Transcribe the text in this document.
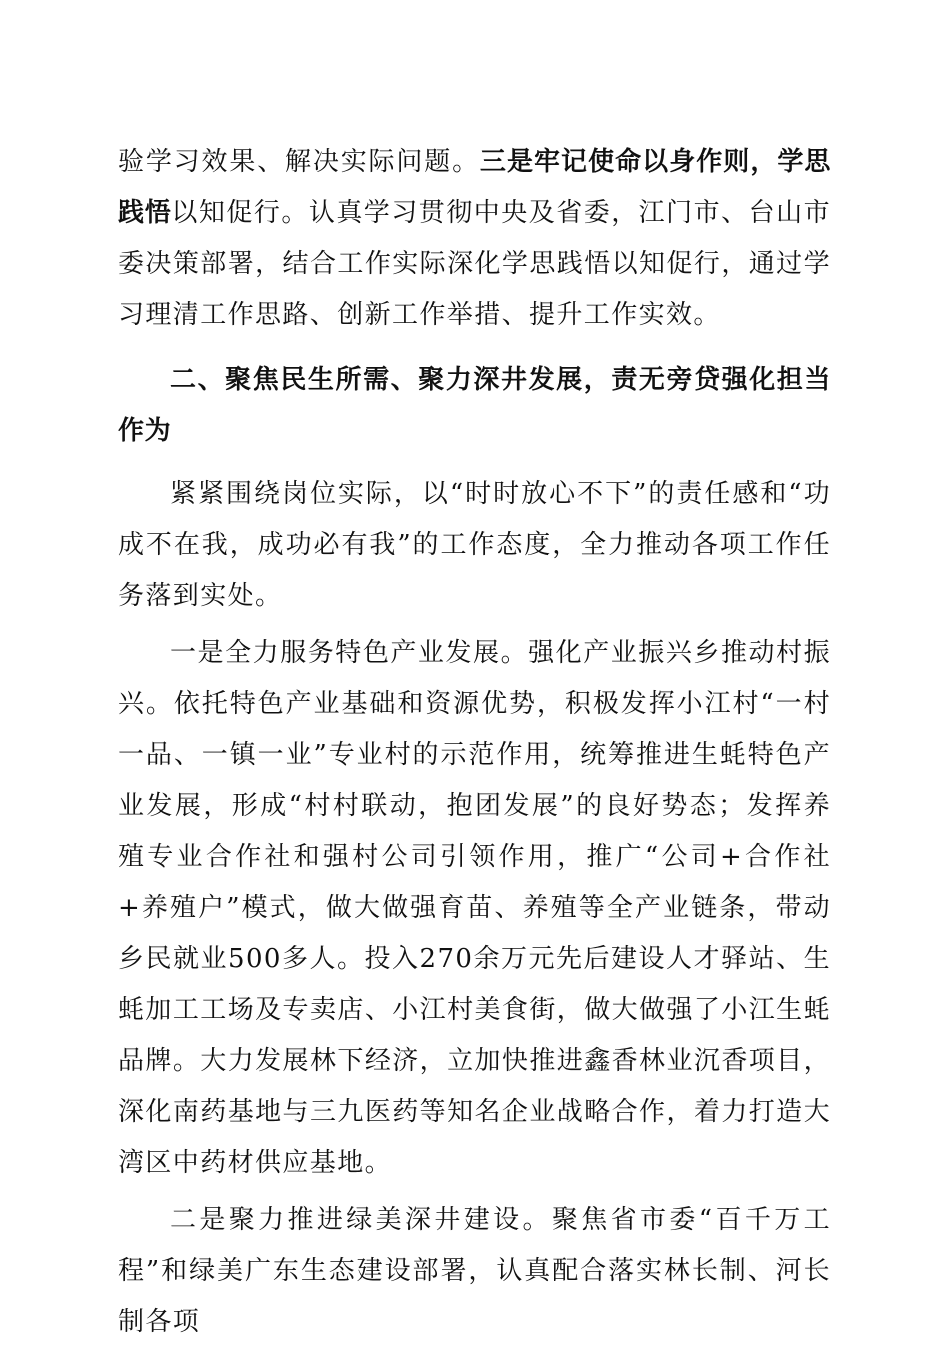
验学习效果、解决实际问题。三是牢记使命以身作则，学思践悟以知促行。认真学习贯彻中央及省委，江门市、台山市委决策部署，结合工作实际深化学思践悟以知促行，通过学习理清工作思路、创新工作举措、提升工作实效。

二、聚焦民生所需、聚力深井发展，责无旁贷强化担当作为

紧紧围绕岗位实际，以“时时放心不下”的责任感和“功成不在我，成功必有我”的工作态度，全力推动各项工作任务落到实处。

一是全力服务特色产业发展。强化产业振兴乡推动村振兴。依托特色产业基础和资源优势，积极发挥小江村“一村一品、一镇一业”专业村的示范作用，统筹推进生蚝特色产业发展，形成“村村联动，抱团发展”的良好势态；发挥养殖专业合作社和强村公司引领作用，推广“公司+合作社+养殖户”模式，做大做强育苗、养殖等全产业链条，带动乡民就业500多人。投入270余万元先后建设人才驿站、生蚝加工工场及专卖店、小江村美食街，做大做强了小江生蚝品牌。大力发展林下经济，立加快推进鑫香林业沉香项目，深化南药基地与三九医药等知名企业战略合作，着力打造大湾区中药材供应基地。

二是聚力推进绿美深井建设。聚焦省市委“百千万工程”和绿美广东生态建设部署，认真配合落实林长制、河长制各项
